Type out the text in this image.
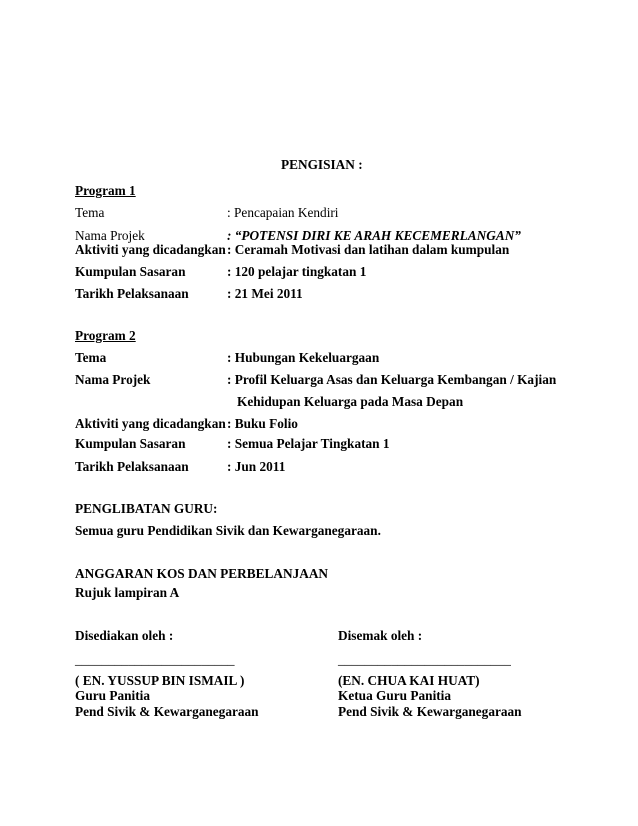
PENGISIAN :
Program 1
Tema	: Pencapaian Kendiri
Nama Projek	: “POTENSI DIRI KE ARAH KECEMERLANGAN”
Aktiviti yang dicadangkan : Ceramah Motivasi dan latihan dalam kumpulan
Kumpulan Sasaran	: 120 pelajar tingkatan 1
Tarikh Pelaksanaan	: 21 Mei 2011
Program 2
Tema	: Hubungan Kekeluargaan
Nama Projek	: Profil Keluarga Asas dan Keluarga Kembangan / Kajian
Kehidupan Keluarga pada Masa Depan
Aktiviti yang dicadangkan : Buku Folio
Kumpulan Sasaran	: Semua Pelajar Tingkatan 1
Tarikh Pelaksanaan	: Jun 2011
PENGLIBATAN GURU:
Semua guru Pendidikan Sivik dan Kewarganegaraan.
ANGGARAN KOS DAN PERBELANJAAN
Rujuk lampiran A
Disediakan oleh :	Disemak oleh :
________________________	__________________________
( EN. YUSSUP BIN ISMAIL )	(EN. CHUA KAI HUAT)
Guru Panitia	Ketua Guru Panitia
Pend Sivik & Kewarganegaraan	Pend Sivik & Kewarganegaraan
